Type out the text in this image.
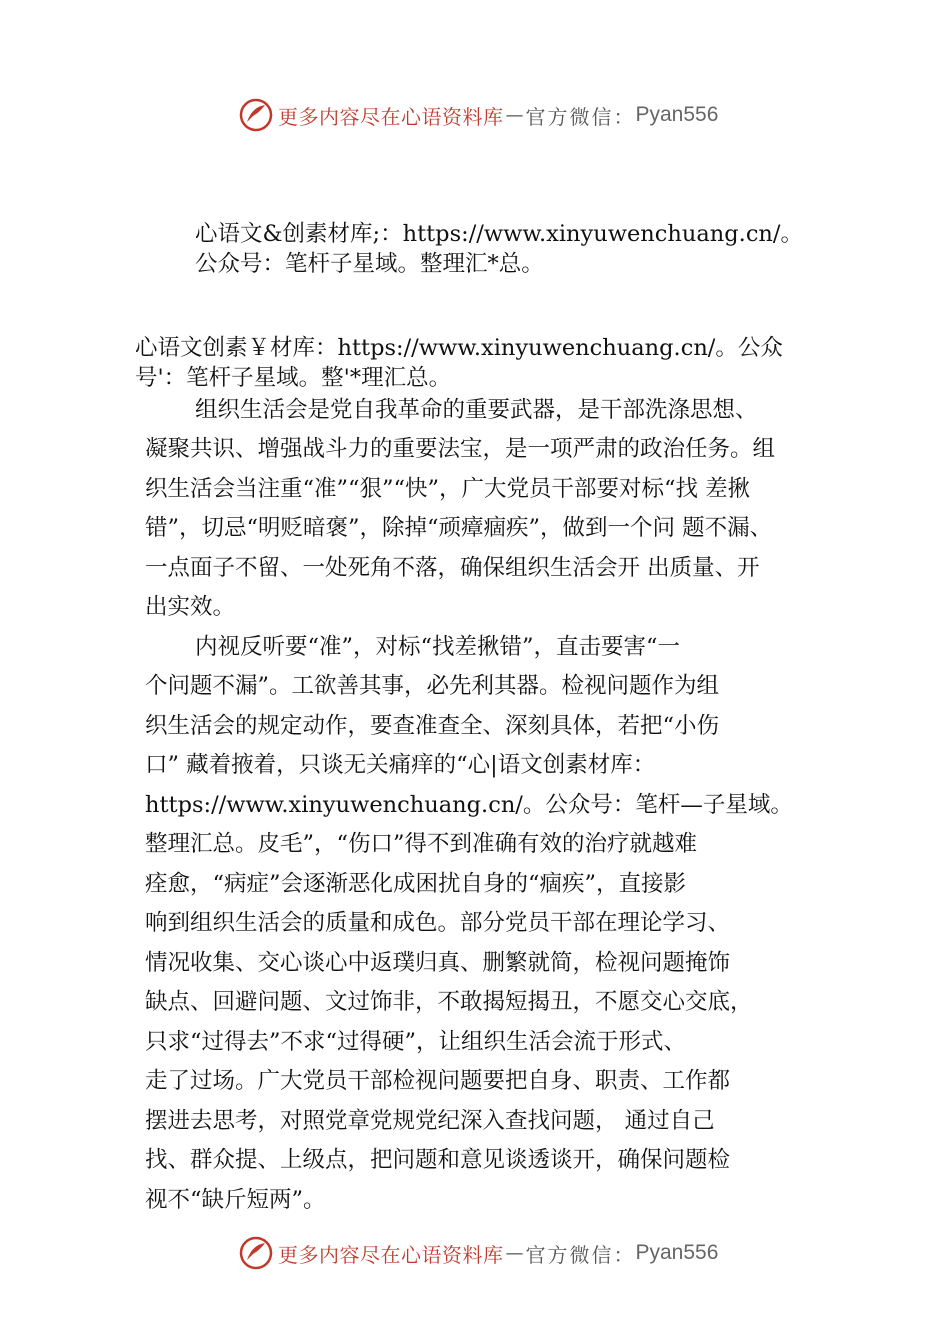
更多内容尽在心语资料库 — 官方微信： Pyan556
心语文&创素材库;：https://www.xinyuwenchuang.cn/。
公众号：笔杆子星域。整理汇*总。
心语文创素￥材库：https://www.xinyuwenchuang.cn/。公众
号'：笔杆子星域。整'*理汇总。
组织生活会是党自我革命的重要武器，是干部洗涤思想、
凝聚共识、增强战斗力的重要法宝，是一项严肃的政治任务。组
织生活会当注重“准”“狠”“快”，广大党员干部要对标“找 差揪
错”，切忌“明贬暗褒”，除掉“顽瘴痼疾”，做到一个问 题不漏、
一点面子不留、一处死角不落，确保组织生活会开 出质量、开
出实效。
内视反听要“准”，对标“找差揪错”，直击要害“一
个问题不漏”。工欲善其事，必先利其器。检视问题作为组
织生活会的规定动作，要查准查全、深刻具体，若把“小伤
口” 藏着掖着，只谈无关痛痒的“心|语文创素材库：
https://www.xinyuwenchuang.cn/。公众号：笔杆—子星域。
整理汇总。皮毛”，“伤口”得不到准确有效的治疗就越难
痊愈，“病症”会逐渐恶化成困扰自身的“痼疾”，直接影
响到组织生活会的质量和成色。部分党员干部在理论学习、
情况收集、交心谈心中返璞归真、删繁就简，检视问题掩饰
缺点、回避问题、文过饰非，不敢揭短揭丑，不愿交心交底，
只求“过得去”不求“过得硬”，让组织生活会流于形式、
走了过场。广大党员干部检视问题要把自身、职责、工作都
摆进去思考，对照党章党规党纪深入查找问题， 通过自己
找、群众提、上级点，把问题和意见谈透谈开，确保问题检
视不“缺斤短两”。
更多内容尽在心语资料库 — 官方微信： Pyan556
